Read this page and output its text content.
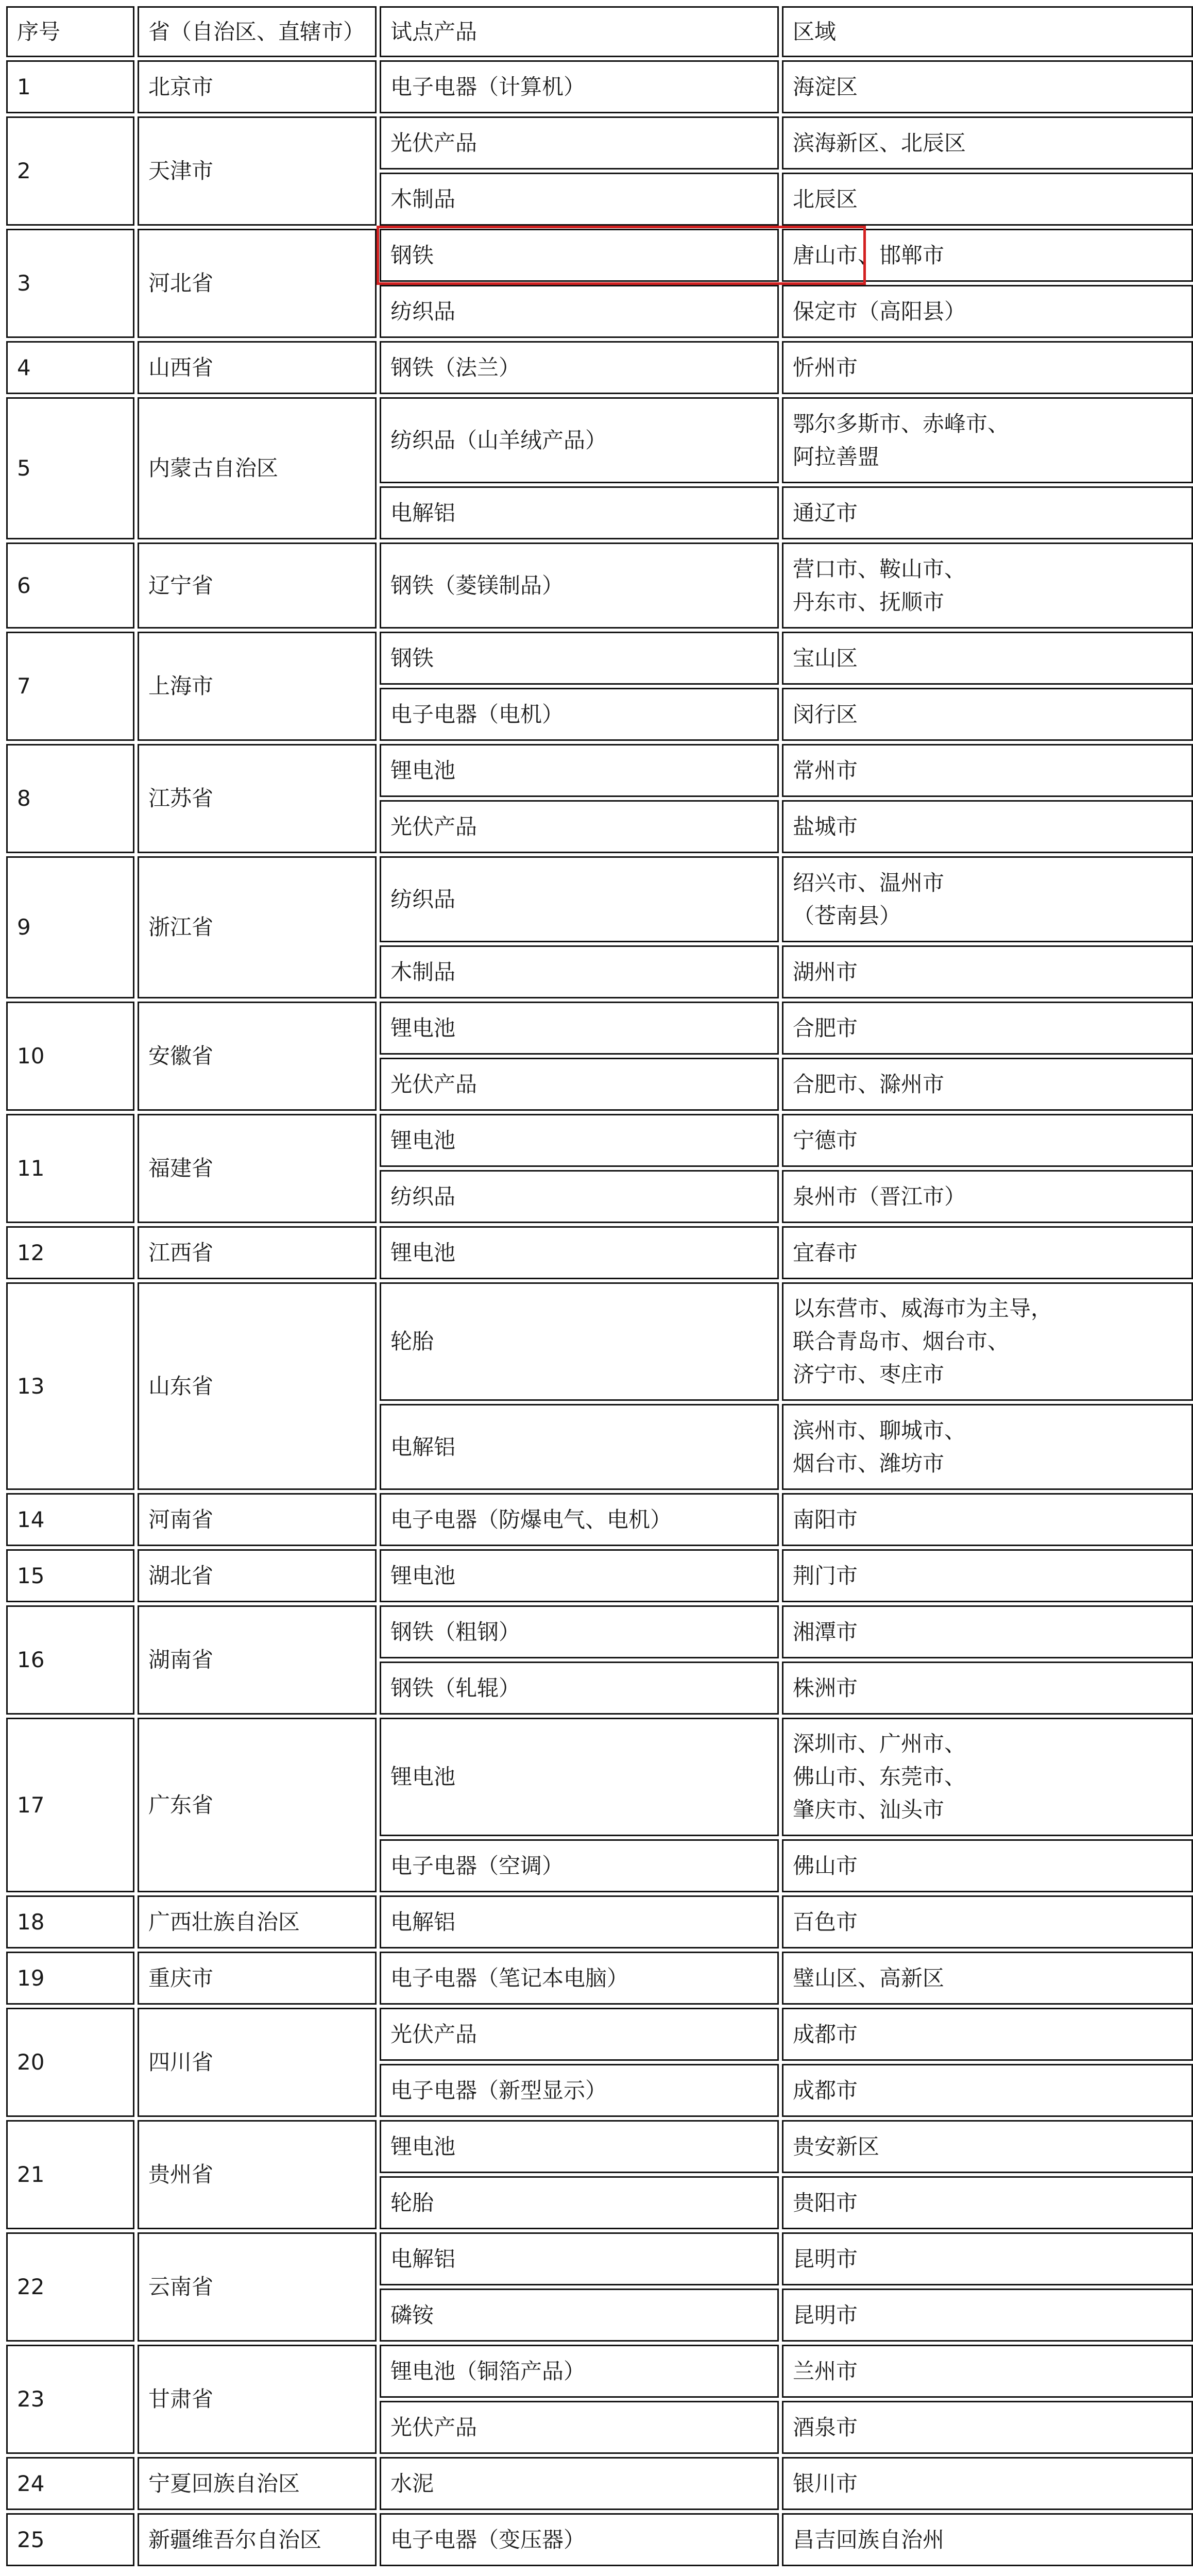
序号	省（自治区、直辖市）	试点产品	区域
1	北京市	电子电器（计算机）	海淀区
2	天津市	光伏产品	滨海新区、北辰区
		木制品	北辰区
3	河北省	钢铁	唐山市、邯郸市
		纺织品	保定市（高阳县）
4	山西省	钢铁（法兰）	忻州市
5	内蒙古自治区	纺织品（山羊绒产品）	鄂尔多斯市、赤峰市、
阿拉善盟
		电解铝	通辽市
6	辽宁省	钢铁（菱镁制品）	营口市、鞍山市、
丹东市、抚顺市
7	上海市	钢铁	宝山区
		电子电器（电机）	闵行区
8	江苏省	锂电池	常州市
		光伏产品	盐城市
9	浙江省	纺织品	绍兴市、温州市
（苍南县）
		木制品	湖州市
10	安徽省	锂电池	合肥市
		光伏产品	合肥市、滁州市
11	福建省	锂电池	宁德市
		纺织品	泉州市（晋江市）
12	江西省	锂电池	宜春市
13	山东省	轮胎	以东营市、威海市为主导，
联合青岛市、烟台市、
济宁市、枣庄市
		电解铝	滨州市、聊城市、
烟台市、潍坊市
14	河南省	电子电器（防爆电气、电机）	南阳市
15	湖北省	锂电池	荆门市
16	湖南省	钢铁（粗钢）	湘潭市
		钢铁（轧辊）	株洲市
17	广东省	锂电池	深圳市、广州市、
佛山市、东莞市、
肇庆市、汕头市
		电子电器（空调）	佛山市
18	广西壮族自治区	电解铝	百色市
19	重庆市	电子电器（笔记本电脑）	璧山区、高新区
20	四川省	光伏产品	成都市
		电子电器（新型显示）	成都市
21	贵州省	锂电池	贵安新区
		轮胎	贵阳市
22	云南省	电解铝	昆明市
		磷铵	昆明市
23	甘肃省	锂电池（铜箔产品）	兰州市
		光伏产品	酒泉市
24	宁夏回族自治区	水泥	银川市
25	新疆维吾尔自治区	电子电器（变压器）	昌吉回族自治州
